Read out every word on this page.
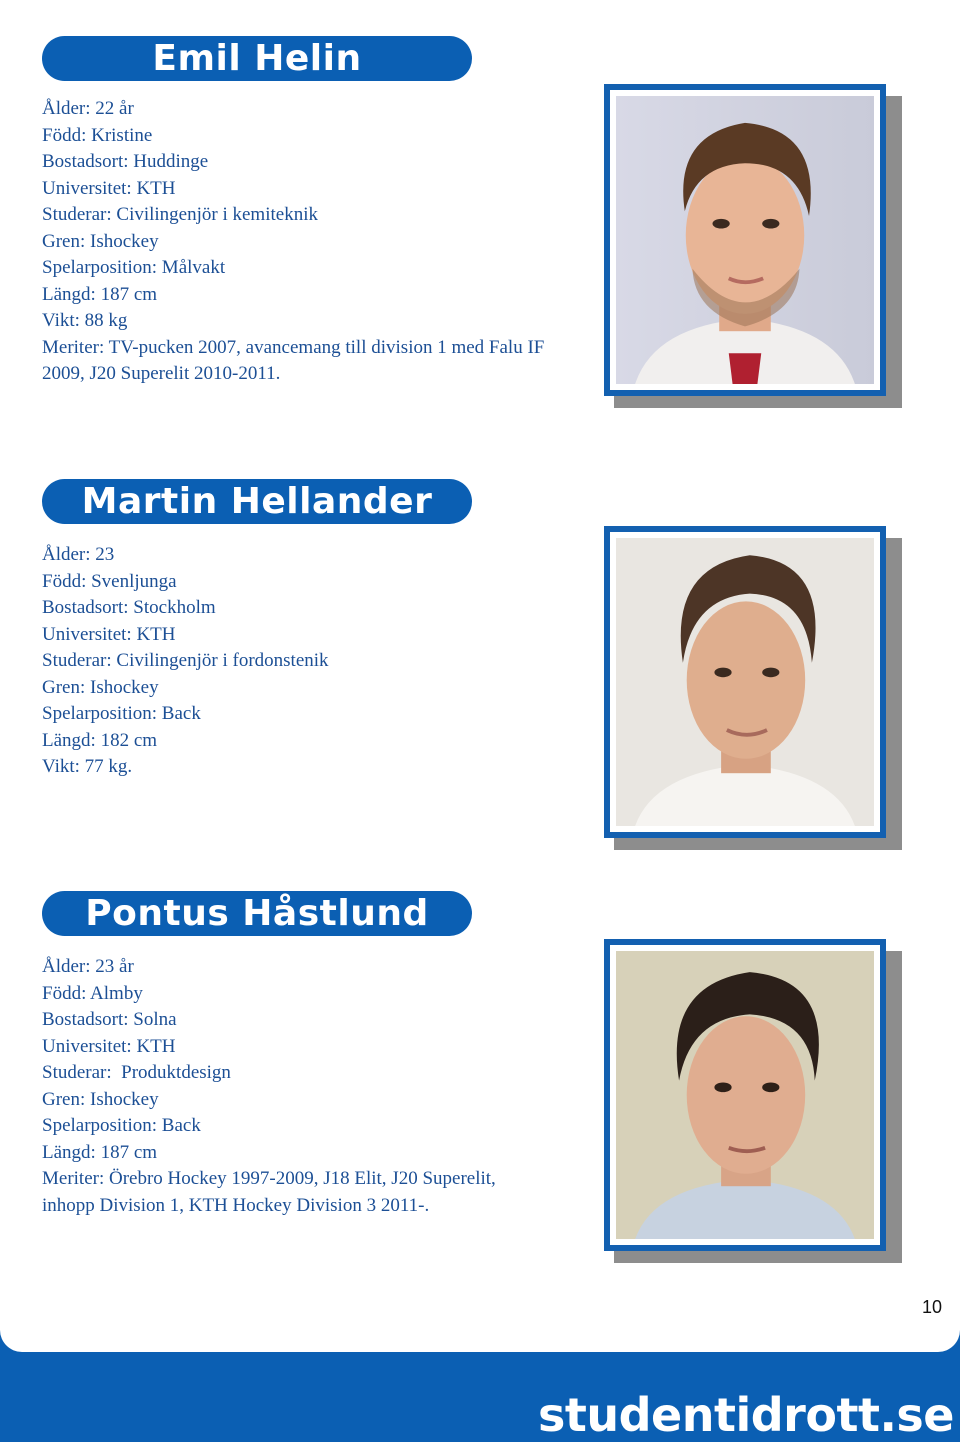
Emil Helin
Ålder: 22 år
Född: Kristine
Bostadsort: Huddinge
Universitet: KTH
Studerar: Civilingenjör i kemiteknik
Gren: Ishockey
Spelarposition: Målvakt
Längd: 187 cm
Vikt: 88 kg
Meriter: TV-pucken 2007, avancemang till division 1 med Falu IF 2009, J20 Superelit 2010-2011.
Martin Hellander
Ålder: 23
Född: Svenljunga
Bostadsort: Stockholm
Universitet: KTH
Studerar: Civilingenjör i fordonstenik
Gren: Ishockey
Spelarposition: Back
Längd: 182 cm
Vikt: 77 kg.
Pontus Håstlund
Ålder: 23 år
Född: Almby
Bostadsort: Solna
Universitet: KTH
Studerar:  Produktdesign
Gren: Ishockey
Spelarposition: Back
Längd: 187 cm
Meriter: Örebro Hockey 1997-2009, J18 Elit, J20 Superelit, inhopp Division 1, KTH Hockey Division 3 2011-.
10
studentidrott.se
